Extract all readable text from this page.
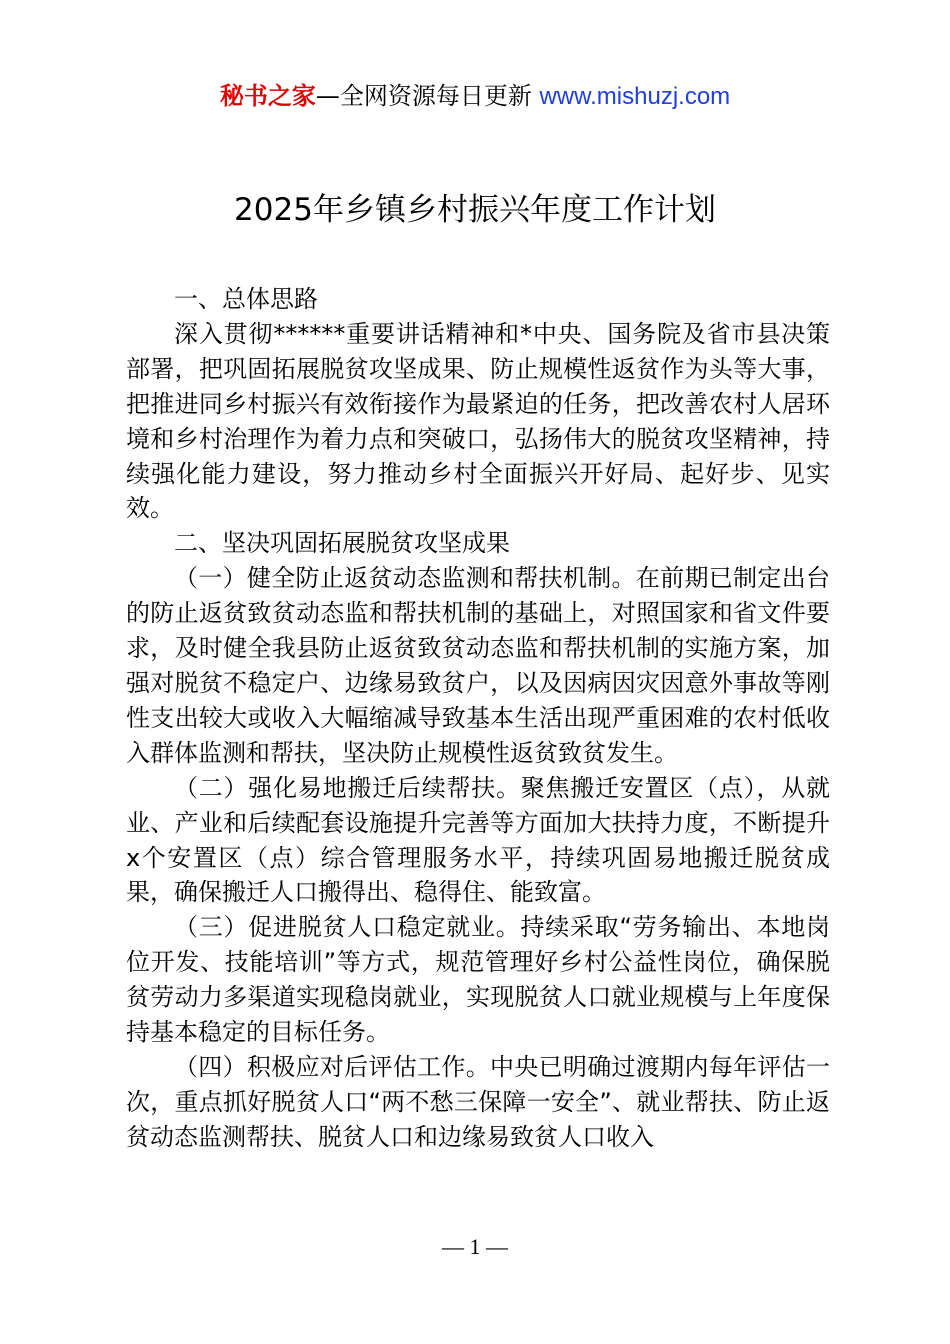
秘书之家—全网资源每日更新 www.mishuzj.com
2025年乡镇乡村振兴年度工作计划

一、总体思路

深入贯彻******重要讲话精神和*中央、国务院及省市县决策部署，把巩固拓展脱贫攻坚成果、防止规模性返贫作为头等大事，把推进同乡村振兴有效衔接作为最紧迫的任务，把改善农村人居环境和乡村治理作为着力点和突破口，弘扬伟大的脱贫攻坚精神，持续强化能力建设，努力推动乡村全面振兴开好局、起好步、见实效。

二、坚决巩固拓展脱贫攻坚成果

（一）健全防止返贫动态监测和帮扶机制。在前期已制定出台的防止返贫致贫动态监和帮扶机制的基础上，对照国家和省文件要求，及时健全我县防止返贫致贫动态监和帮扶机制的实施方案，加强对脱贫不稳定户、边缘易致贫户，以及因病因灾因意外事故等刚性支出较大或收入大幅缩减导致基本生活出现严重困难的农村低收入群体监测和帮扶，坚决防止规模性返贫致贫发生。

（二）强化易地搬迁后续帮扶。聚焦搬迁安置区（点），从就业、产业和后续配套设施提升完善等方面加大扶持力度，不断提升x个安置区（点）综合管理服务水平，持续巩固易地搬迁脱贫成果，确保搬迁人口搬得出、稳得住、能致富。

（三）促进脱贫人口稳定就业。持续采取“劳务输出、本地岗位开发、技能培训”等方式，规范管理好乡村公益性岗位，确保脱贫劳动力多渠道实现稳岗就业，实现脱贫人口就业规模与上年度保持基本稳定的目标任务。

（四）积极应对后评估工作。中央已明确过渡期内每年评估一次，重点抓好脱贫人口“两不愁三保障一安全”、就业帮扶、防止返贫动态监测帮扶、脱贫人口和边缘易致贫人口收入

— 1 —
